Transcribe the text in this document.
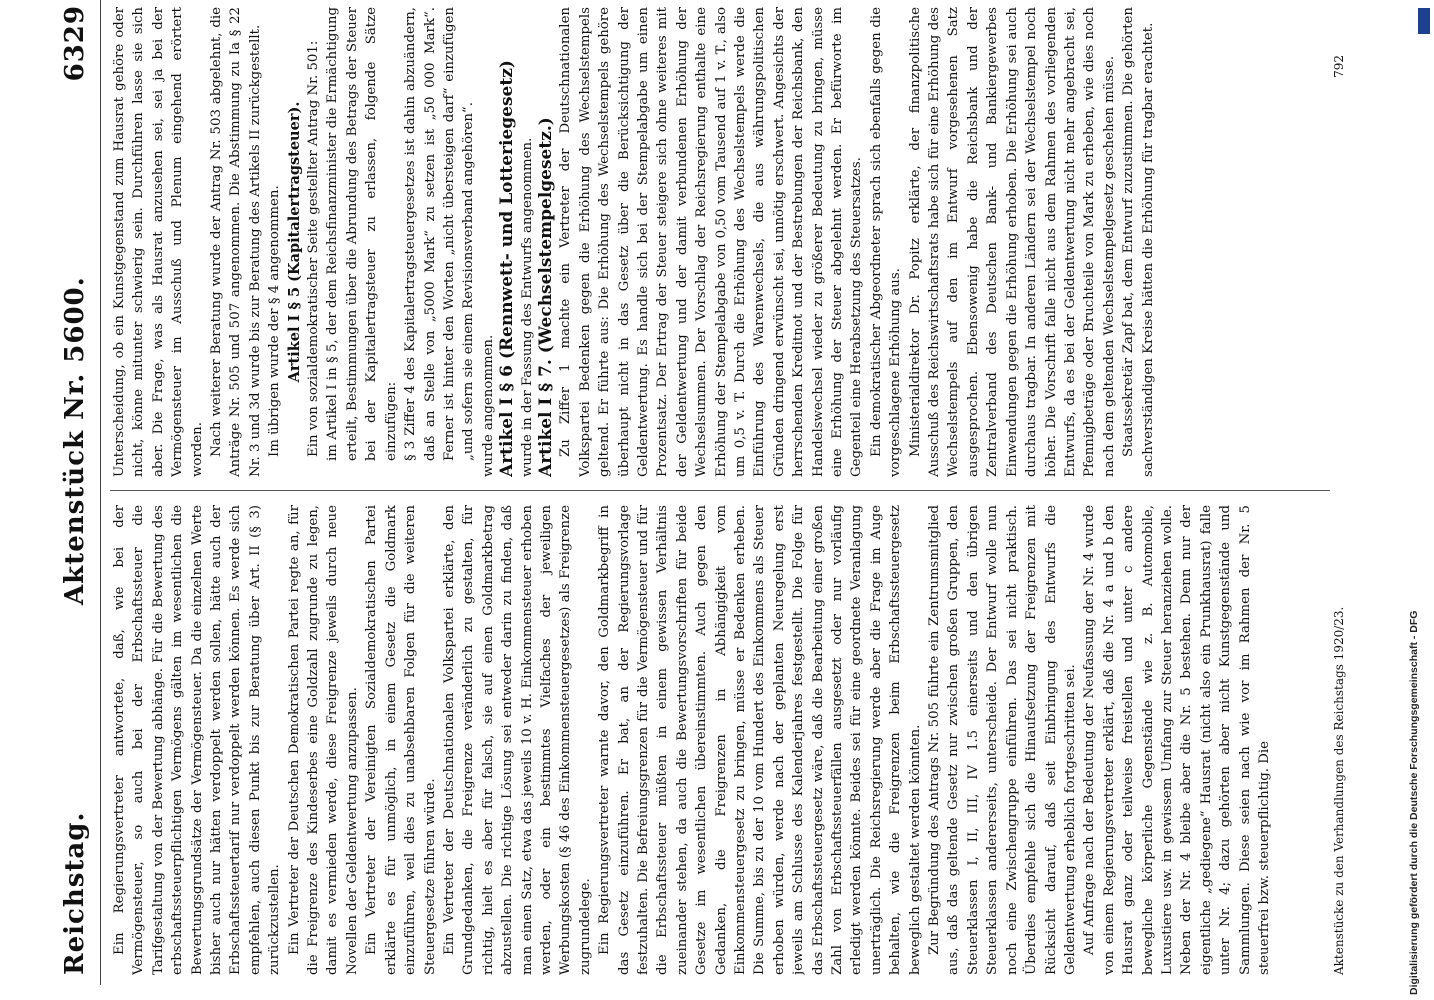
Reichstag.
Aktenstück Nr. 5600.
6329

Ein Regierungsvertreter antwortete, daß, wie bei der Vermögensteuer, so auch bei der Erbschaftssteuer die Tarifgestaltung von der Bewertung abhänge. Für die Bewertung des erbschaftssteuerpflichtigen Vermögens gälten im wesentlichen die Bewertungsgrundsätze der Vermögensteuer. Da die einzelnen Werte bisher auch nur hätten verdoppelt werden sollen, hätte auch der Erbschaftssteuertarif nur verdoppelt werden können. Es werde sich empfehlen, auch diesen Punkt bis zur Beratung über Art. II (§ 3) zurückzustellen. Ein Vertreter der Deutschen Demokratischen Partei regte an, für die Freigrenze des Kindeserbes eine Goldzahl zugrunde zu legen, damit es vermieden werde, diese Freigrenze jeweils durch neue Novellen der Geldentwertung anzupassen. Ein Vertreter der Vereinigten Sozialdemokratischen Partei erklärte es für unmöglich, in einem Gesetz die Goldmark einzuführen, weil dies zu unabsehbaren Folgen für die weiteren Steuergesetze führen würde. Ein Vertreter der Deutschnationalen Volkspartei erklärte, den Grundgedanken, die Freigrenze veränderlich zu gestalten, für richtig, hielt es aber für falsch, sie auf einen Goldmarkbetrag abzustellen. Die richtige Lösung sei entweder darin zu finden, daß man einen Satz, etwa das jeweils 10 v. H. Einkommensteuer erhoben werden, oder ein bestimmtes Vielfaches der jeweiligen Werbungskosten (§ 46 des Einkommensteuergesetzes) als Freigrenze zugrundelege. Ein Regierungsvertreter warnte davor, den Goldmarkbegriff in das Gesetz einzuführen. Er bat, an der Regierungsvorlage festzuhalten. Die Befreiungsgrenzen für die Vermögensteuer und für die Erbschaftssteuer müßten in einem gewissen Verhältnis zueinander stehen, da auch die Bewertungsvorschriften für beide Gesetze im wesentlichen übereinstimmten. Auch gegen den Gedanken, die Freigrenzen in Abhängigkeit vom Einkommensteuergesetz zu bringen, müsse er Bedenken erheben. Die Summe, bis zu der 10 vom Hundert des Einkommens als Steuer erhoben würden, werde nach der geplanten Neuregelung erst jeweils am Schlusse des Kalenderjahres festgestellt. Die Folge für das Erbschaftssteuergesetz wäre, daß die Bearbeitung einer großen Zahl von Erbschaftssteuerfällen ausgesetzt oder nur vorläufig erledigt werden könnte. Beides sei für eine geordnete Veranlagung unerträglich. Die Reichsregierung werde aber die Frage im Auge behalten, wie die Freigrenzen beim Erbschaftssteuergesetz beweglich gestaltet werden könnten. Zur Begründung des Antrags Nr. 505 führte ein Zentrumsmitglied aus, daß das geltende Gesetz nur zwischen großen Gruppen, den Steuerklassen I, II, III, IV 1.5 einerseits und den übrigen Steuerklassen andererseits, unterscheide. Der Entwurf wolle nun noch eine Zwischengruppe einführen. Das sei nicht praktisch. Überdies empfehle sich die Hinaufsetzung der Freigrenzen mit Rücksicht darauf, daß seit Einbringung des Entwurfs die Geldentwertung erheblich fortgeschritten sei. Auf Anfrage nach der Bedeutung der Neufassung der Nr. 4 wurde von einem Regierungsvertreter erklärt, daß die Nr. 4 a und b den Hausrat ganz oder teilweise freistellen und unter c andere bewegliche körperliche Gegenstände wie z. B. Automobile, Luxustiere usw. in gewissem Umfang zur Steuer heranziehen wolle. Neben der Nr. 4 bleibe aber die Nr. 5 bestehen. Denn nur der eigentliche „gediegene“ Hausrat (nicht also ein Prunkhausrat) falle unter Nr. 4; dazu gehörten aber nicht Kunstgegenstände und Sammlungen. Diese seien nach wie vor im Rahmen der Nr. 5 steuerfrei bzw. steuerpflichtig. Die

Unterscheidung, ob ein Kunstgegenstand zum Hausrat gehöre oder nicht, könne mitunter schwierig sein. Durchführen lasse sie sich aber. Die Frage, was als Hausrat anzusehen sei, sei ja bei der Vermögensteuer im Ausschuß und Plenum eingehend erörtert worden. Nach weiterer Beratung wurde der Antrag Nr. 503 abgelehnt, die Anträge Nr. 505 und 507 angenommen. Die Abstimmung zu Ia § 22 Nr. 3 und 3d wurde bis zur Beratung des Artikels II zurückgestellt. Im übrigen wurde der § 4 angenommen. Artikel I § 5 (Kapitalertragsteuer). Ein von sozialdemokratischer Seite gestellter Antrag Nr. 501: im Artikel I in § 5, der dem Reichsfinanzminister die Ermächtigung erteilt, Bestimmungen über die Abrundung des Betrags der Steuer bei der Kapitalertragsteuer zu erlassen, folgende Sätze einzufügen: § 3 Ziffer 4 des Kapitalertragsteuergesetzes ist dahin abzuändern, daß an Stelle von „5000 Mark“ zu setzen ist „50 000 Mark“. Ferner ist hinter den Worten „nicht übersteigen darf“ einzufügen „und sofern sie einem Revisionsverband angehören“. wurde angenommen. Artikel I § 6 (Rennwett- und Lotteriegesetz) wurde in der Fassung des Entwurfs angenommen. Artikel I § 7. (Wechselstempelgesetz.) Zu Ziffer 1 machte ein Vertreter der Deutschnationalen Volkspartei Bedenken gegen die Erhöhung des Wechselstempels geltend. Er führte aus: Die Erhöhung des Wechselstempels gehöre überhaupt nicht in das Gesetz über die Berücksichtigung der Geldentwertung. Es handle sich bei der Stempelabgabe um einen Prozentsatz. Der Ertrag der Steuer steigere sich ohne weiteres mit der Geldentwertung und der damit verbundenen Erhöhung der Wechselsummen. Der Vorschlag der Reichsregierung enthalte eine Erhöhung der Stempelabgabe von 0,50 vom Tausend auf 1 v. T., also um 0,5 v. T. Durch die Erhöhung des Wechselstempels werde die Einführung des Warenwechsels, die aus währungspolitischen Gründen dringend erwünscht sei, unnötig erschwert. Angesichts der herrschenden Kreditnot und der Bestrebungen der Reichsbank, den Handelswechsel wieder zu größerer Bedeutung zu bringen, müsse eine Erhöhung der Steuer abgelehnt werden. Er befürworte im Gegenteil eine Herabsetzung des Steuersatzes. Ein demokratischer Abgeordneter sprach sich ebenfalls gegen die vorgeschlagene Erhöhung aus. Ministerialdirektor Dr. Popitz erklärte, der finanzpolitische Ausschuß des Reichswirtschaftsrats habe sich für eine Erhöhung des Wechselstempels auf den im Entwurf vorgesehenen Satz ausgesprochen. Ebensowenig habe die Reichsbank und der Zentralverband des Deutschen Bank- und Bankiergewerbes Einwendungen gegen die Erhöhung erhoben. Die Erhöhung sei auch durchaus tragbar. In anderen Ländern sei der Wechselstempel noch höher. Die Vorschrift falle nicht aus dem Rahmen des vorliegenden Entwurfs, da es bei der Geldentwertung nicht mehr angebracht sei, Pfennigbeträge oder Bruchteile von Mark zu erheben, wie dies noch nach dem geltenden Wechselstempelgesetz geschehen müsse. Staatssekretär Zapf bat, dem Entwurf zuzustimmen. Die gehörten sachverständigen Kreise hätten die Erhöhung für tragbar erachtet.

Aktenstücke zu den Verhandlungen des Reichstags 1920/23.
792
Digitalisierung gefördert durch die Deutsche Forschungsgemeinschaft - DFG
